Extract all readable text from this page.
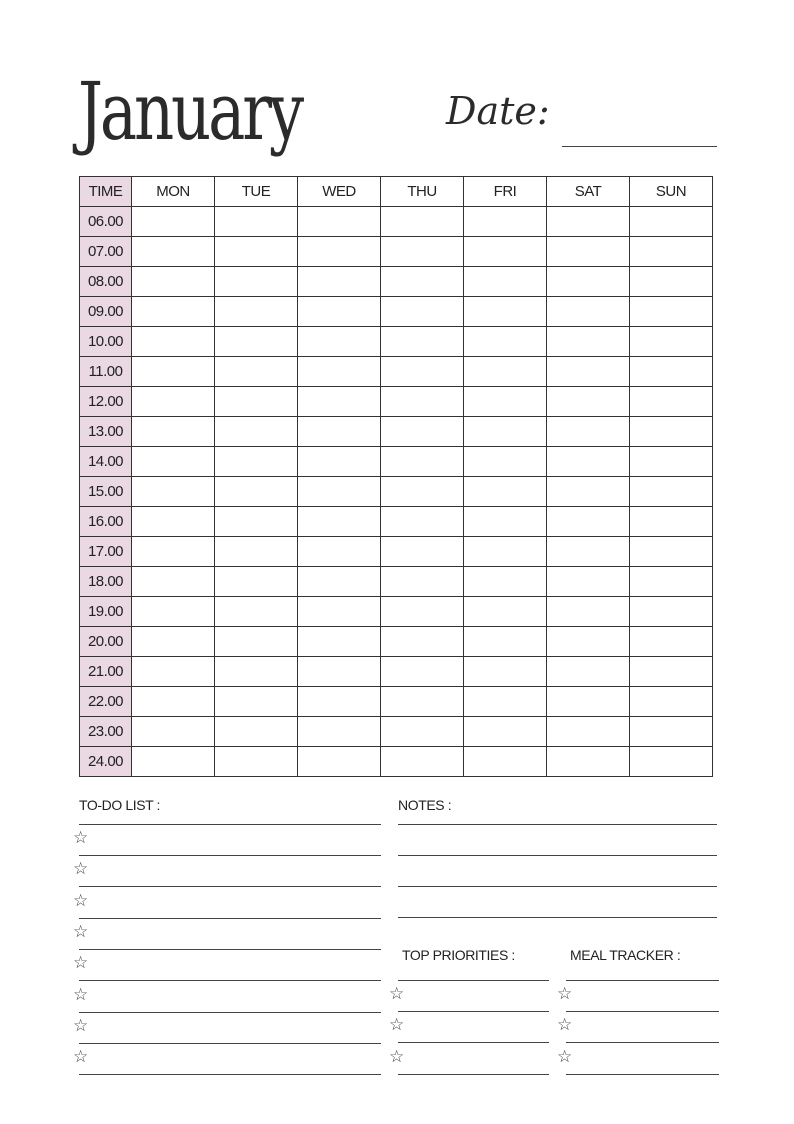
January	Date:
TIME	MON	TUE	WED	THU	FRI	SAT	SUN
06.00							
07.00							
08.00							
09.00							
10.00							
11.00							
12.00							
13.00							
14.00							
15.00							
16.00							
17.00							
18.00							
19.00							
20.00							
21.00							
22.00							
23.00							
24.00							
TO-DO LIST :
☆
☆
☆
☆
☆
☆
☆
☆
NOTES :
TOP PRIORITIES :
☆
☆
☆
MEAL TRACKER :
☆
☆
☆
